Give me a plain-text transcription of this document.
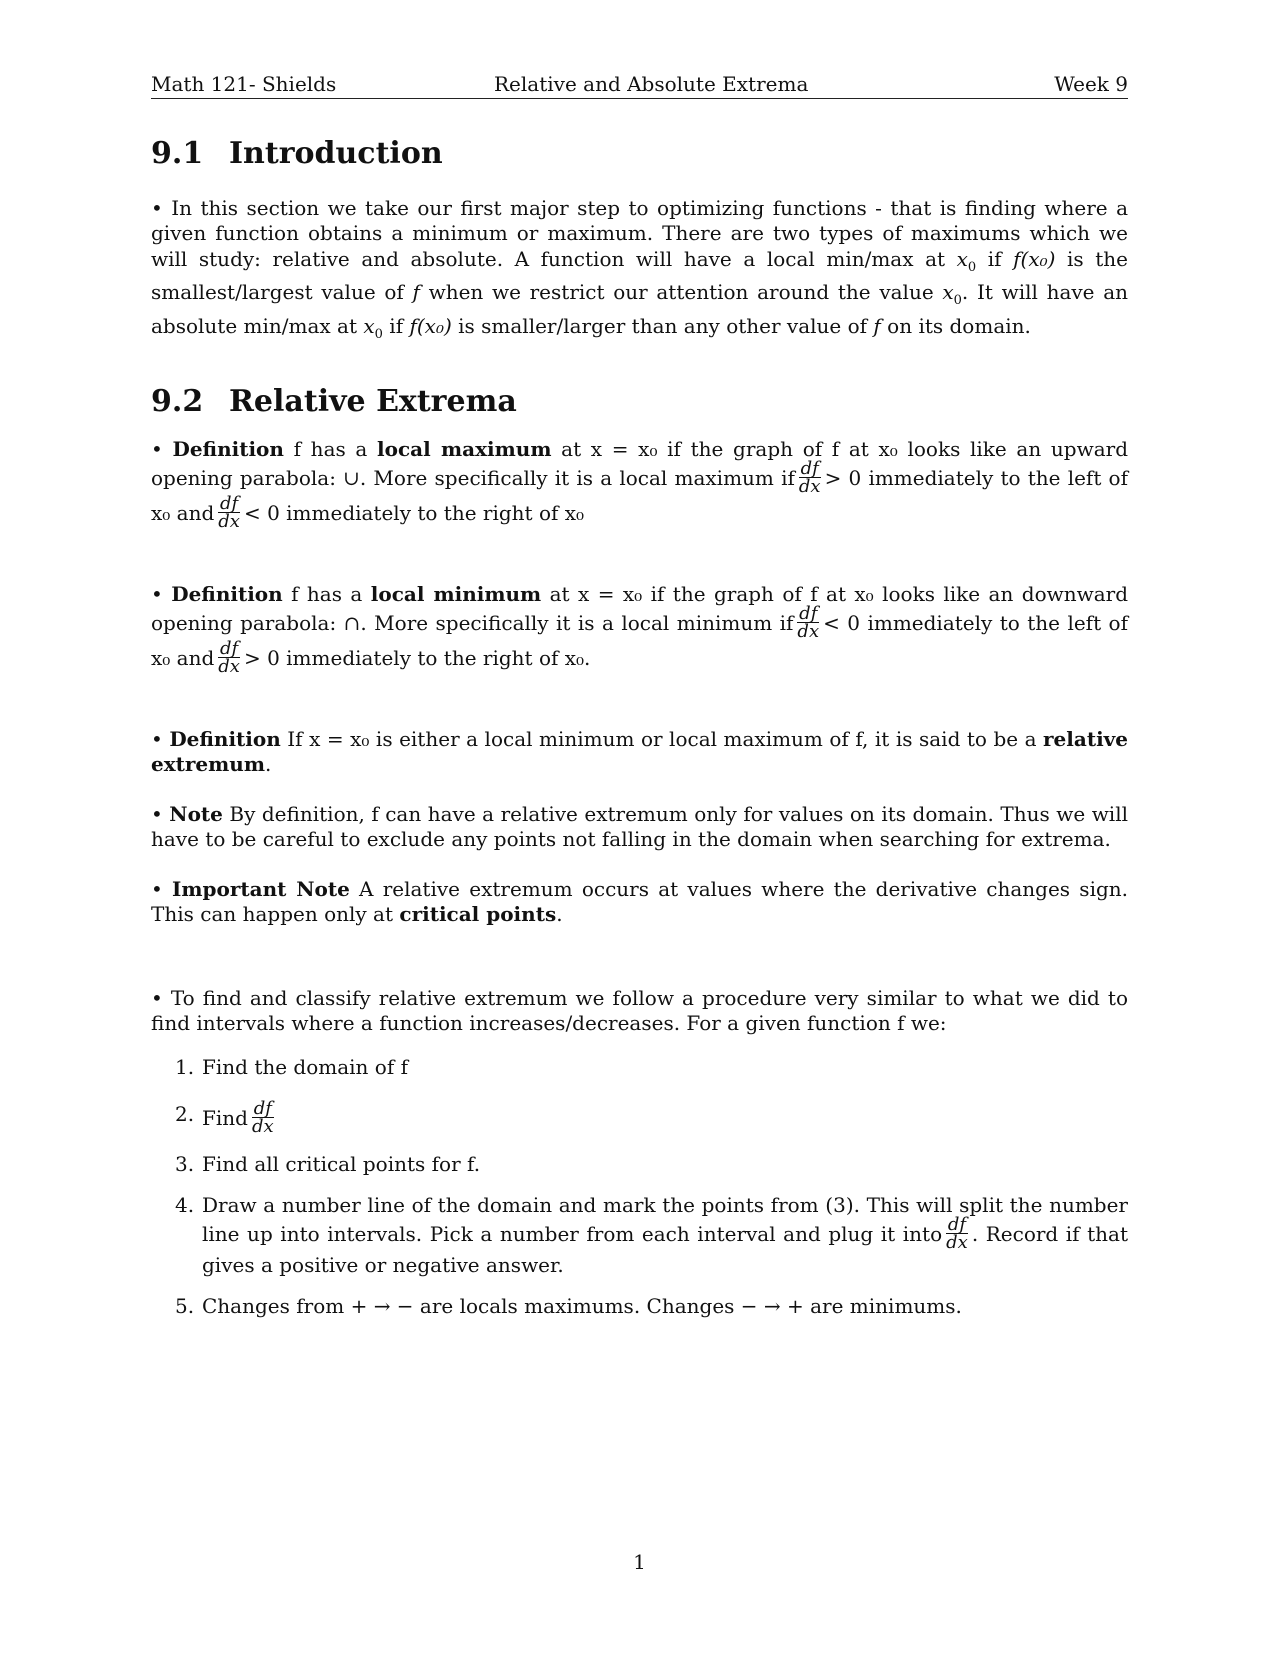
Math 121- Shields	Relative and Absolute Extrema	Week 9
9.1 Introduction
• In this section we take our first major step to optimizing functions - that is finding where a given function obtains a minimum or maximum. There are two types of maximums which we will study: relative and absolute. A function will have a local min/max at $x_0$ if f(x₀) is the smallest/largest value of f when we restrict our attention around the value $x_0$. It will have an absolute min/max at $x_0$ if f(x₀) is smaller/larger than any other value of f on its domain.
9.2 Relative Extrema
• Definition f has a local maximum at x = x₀ if the graph of f at x₀ looks like an upward opening parabola: ∪. More specifically it is a local maximum if $\frac{df}{dx} > 0$ immediately to the left of x₀ and $\frac{df}{dx} < 0$ immediately to the right of x₀
• Definition f has a local minimum at x = x₀ if the graph of f at x₀ looks like an downward opening parabola: ∩. More specifically it is a local minimum if $\frac{df}{dx} < 0$ immediately to the left of x₀ and $\frac{df}{dx} > 0$ immediately to the right of x₀.
• Definition If x = x₀ is either a local minimum or local maximum of f, it is said to be a relative extremum.
• Note By definition, f can have a relative extremum only for values on its domain. Thus we will have to be careful to exclude any points not falling in the domain when searching for extrema.
• Important Note A relative extremum occurs at values where the derivative changes sign. This can happen only at critical points.
• To find and classify relative extremum we follow a procedure very similar to what we did to find intervals where a function increases/decreases. For a given function f we:
1. Find the domain of f
2. Find $\frac{df}{dx}$
3. Find all critical points for f.
4. Draw a number line of the domain and mark the points from (3). This will split the number line up into intervals. Pick a number from each interval and plug it into $\frac{df}{dx}$ . Record if that gives a positive or negative answer.
5. Changes from + → − are locals maximums. Changes − → + are minimums.
1
